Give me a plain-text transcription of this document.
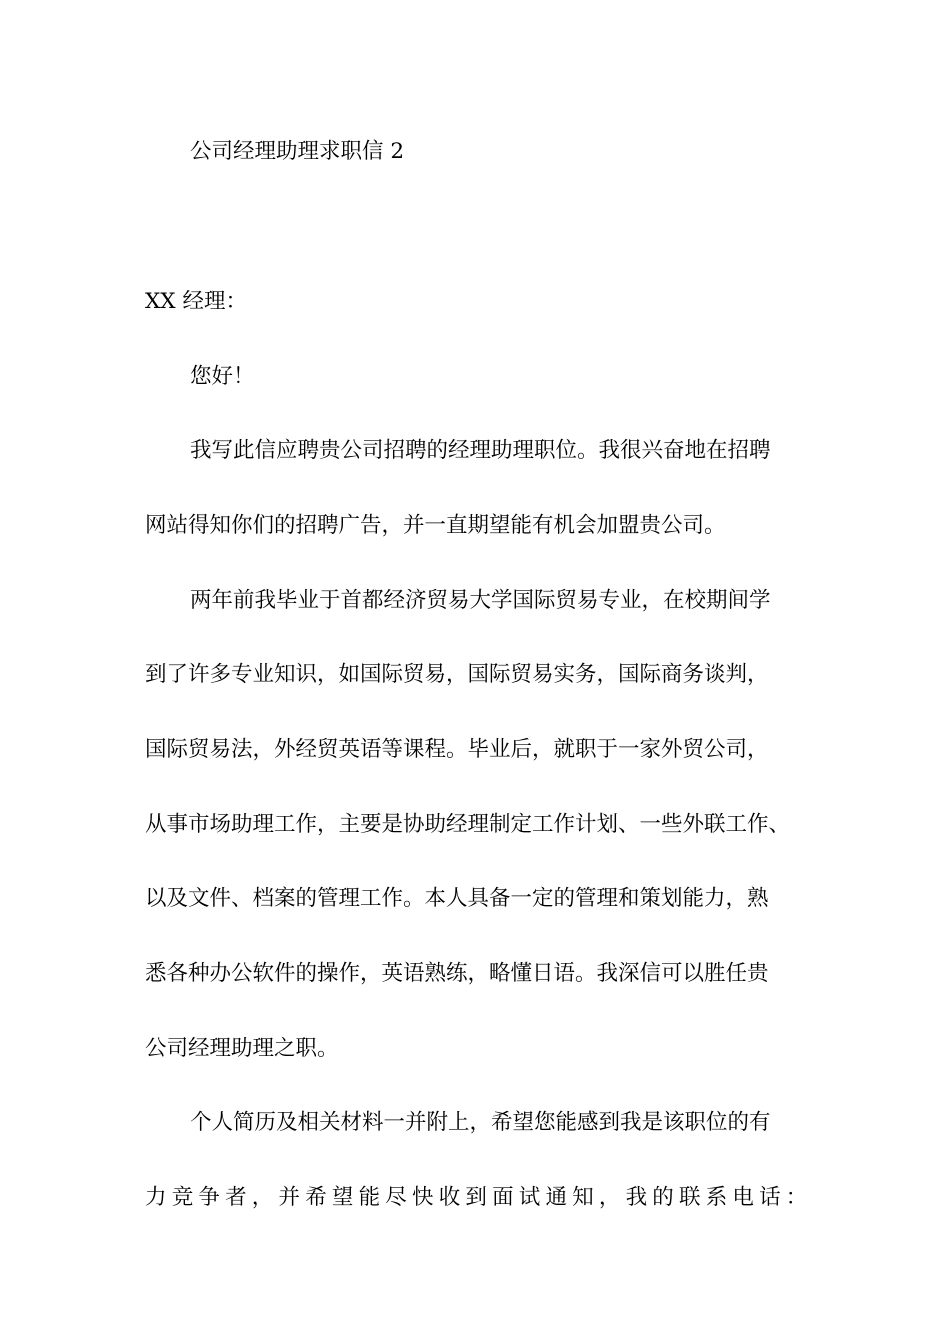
公司经理助理求职信 2

XX 经理：

您好！

我写此信应聘贵公司招聘的经理助理职位。我很兴奋地在招聘

网站得知你们的招聘广告，并一直期望能有机会加盟贵公司。

两年前我毕业于首都经济贸易大学国际贸易专业，在校期间学

到了许多专业知识，如国际贸易，国际贸易实务，国际商务谈判，

国际贸易法，外经贸英语等课程。毕业后，就职于一家外贸公司，

从事市场助理工作，主要是协助经理制定工作计划、一些外联工作、

以及文件、档案的管理工作。本人具备一定的管理和策划能力，熟

悉各种办公软件的操作，英语熟练，略懂日语。我深信可以胜任贵

公司经理助理之职。

个人简历及相关材料一并附上，希望您能感到我是该职位的有

力竞争者，并希望能尽快收到面试通知，我的联系电话：
